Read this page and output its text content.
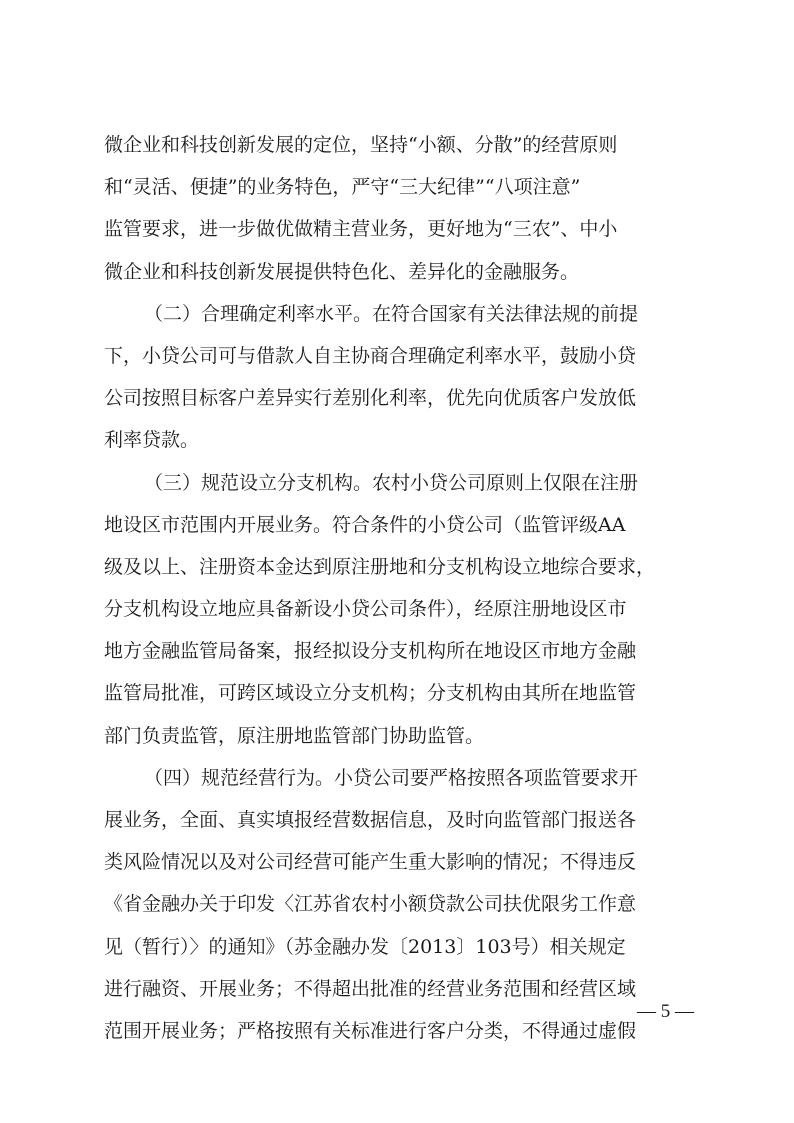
微企业和科技创新发展的定位，坚持“小额、分散”的经营原则
和“灵活、便捷”的业务特色，严守“三大纪律”“八项注意”
监管要求，进一步做优做精主营业务，更好地为“三农”、中小
微企业和科技创新发展提供特色化、差异化的金融服务。
（二）合理确定利率水平。在符合国家有关法律法规的前提
下，小贷公司可与借款人自主协商合理确定利率水平，鼓励小贷
公司按照目标客户差异实行差别化利率，优先向优质客户发放低
利率贷款。
（三）规范设立分支机构。农村小贷公司原则上仅限在注册
地设区市范围内开展业务。符合条件的小贷公司（监管评级AA
级及以上、注册资本金达到原注册地和分支机构设立地综合要求，
分支机构设立地应具备新设小贷公司条件），经原注册地设区市
地方金融监管局备案，报经拟设分支机构所在地设区市地方金融
监管局批准，可跨区域设立分支机构；分支机构由其所在地监管
部门负责监管，原注册地监管部门协助监管。
（四）规范经营行为。小贷公司要严格按照各项监管要求开
展业务，全面、真实填报经营数据信息，及时向监管部门报送各
类风险情况以及对公司经营可能产生重大影响的情况；不得违反
《省金融办关于印发〈江苏省农村小额贷款公司扶优限劣工作意
见（暂行）〉的通知》（苏金融办发〔2013〕103号）相关规定
进行融资、开展业务；不得超出批准的经营业务范围和经营区域
范围开展业务；严格按照有关标准进行客户分类，不得通过虚假
— 5 —
